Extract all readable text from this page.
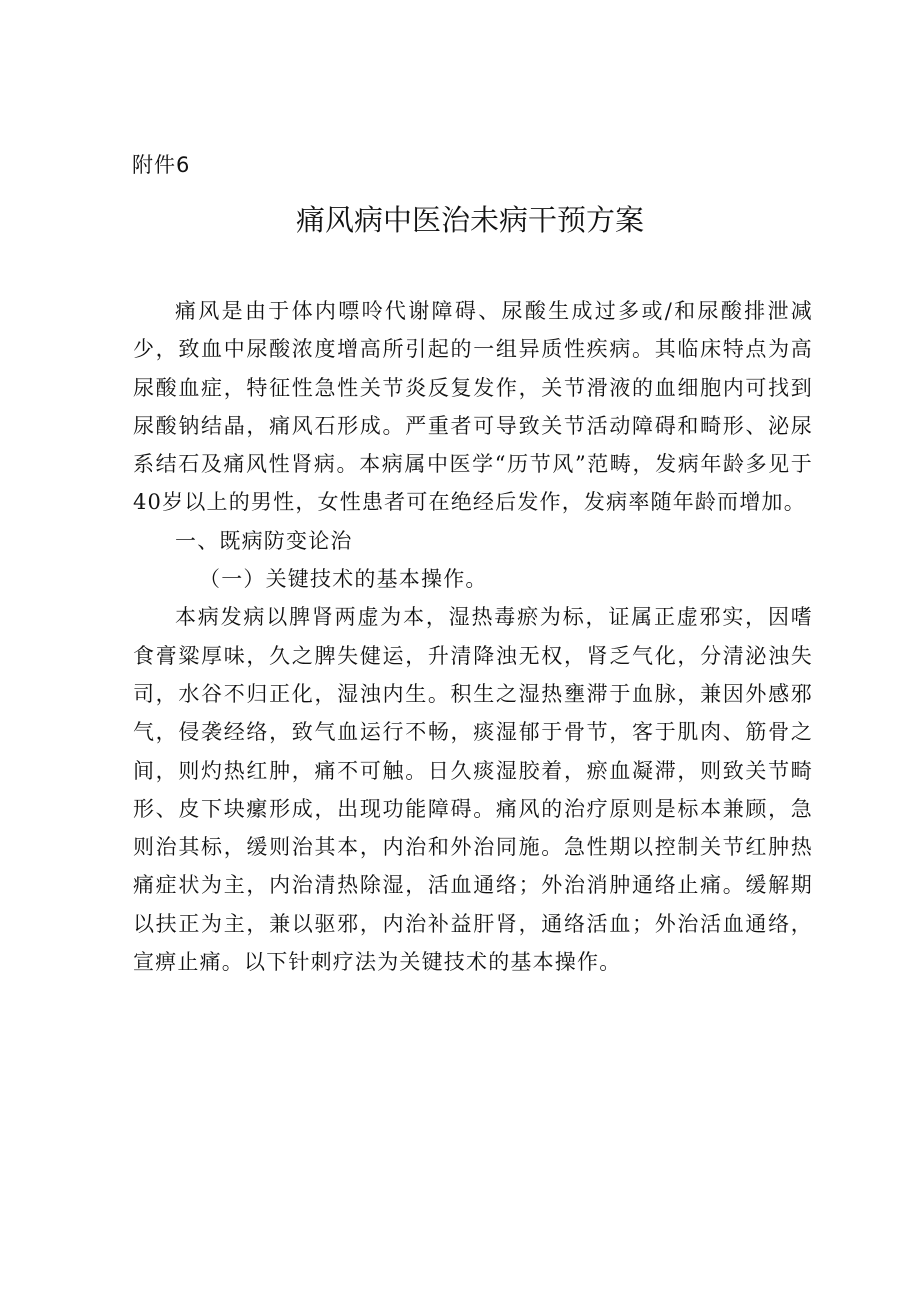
附件6

痛风病中医治未病干预方案

痛风是由于体内嘌呤代谢障碍、尿酸生成过多或/和尿酸排泄减少，致血中尿酸浓度增高所引起的一组异质性疾病。其临床特点为高尿酸血症，特征性急性关节炎反复发作，关节滑液的血细胞内可找到尿酸钠结晶，痛风石形成。严重者可导致关节活动障碍和畸形、泌尿系结石及痛风性肾病。本病属中医学“历节风”范畴，发病年龄多见于40岁以上的男性，女性患者可在绝经后发作，发病率随年龄而增加。

一、既病防变论治

（一）关键技术的基本操作。

本病发病以脾肾两虚为本，湿热毒瘀为标，证属正虚邪实，因嗜食膏粱厚味，久之脾失健运，升清降浊无权，肾乏气化，分清泌浊失司，水谷不归正化，湿浊内生。积生之湿热壅滞于血脉，兼因外感邪气，侵袭经络，致气血运行不畅，痰湿郁于骨节，客于肌肉、筋骨之间，则灼热红肿，痛不可触。日久痰湿胶着，瘀血凝滞，则致关节畸形、皮下块瘰形成，出现功能障碍。痛风的治疗原则是标本兼顾，急则治其标，缓则治其本，内治和外治同施。急性期以控制关节红肿热痛症状为主，内治清热除湿，活血通络；外治消肿通络止痛。缓解期以扶正为主，兼以驱邪，内治补益肝肾，通络活血；外治活血通络，宣痹止痛。以下针刺疗法为关键技术的基本操作。
